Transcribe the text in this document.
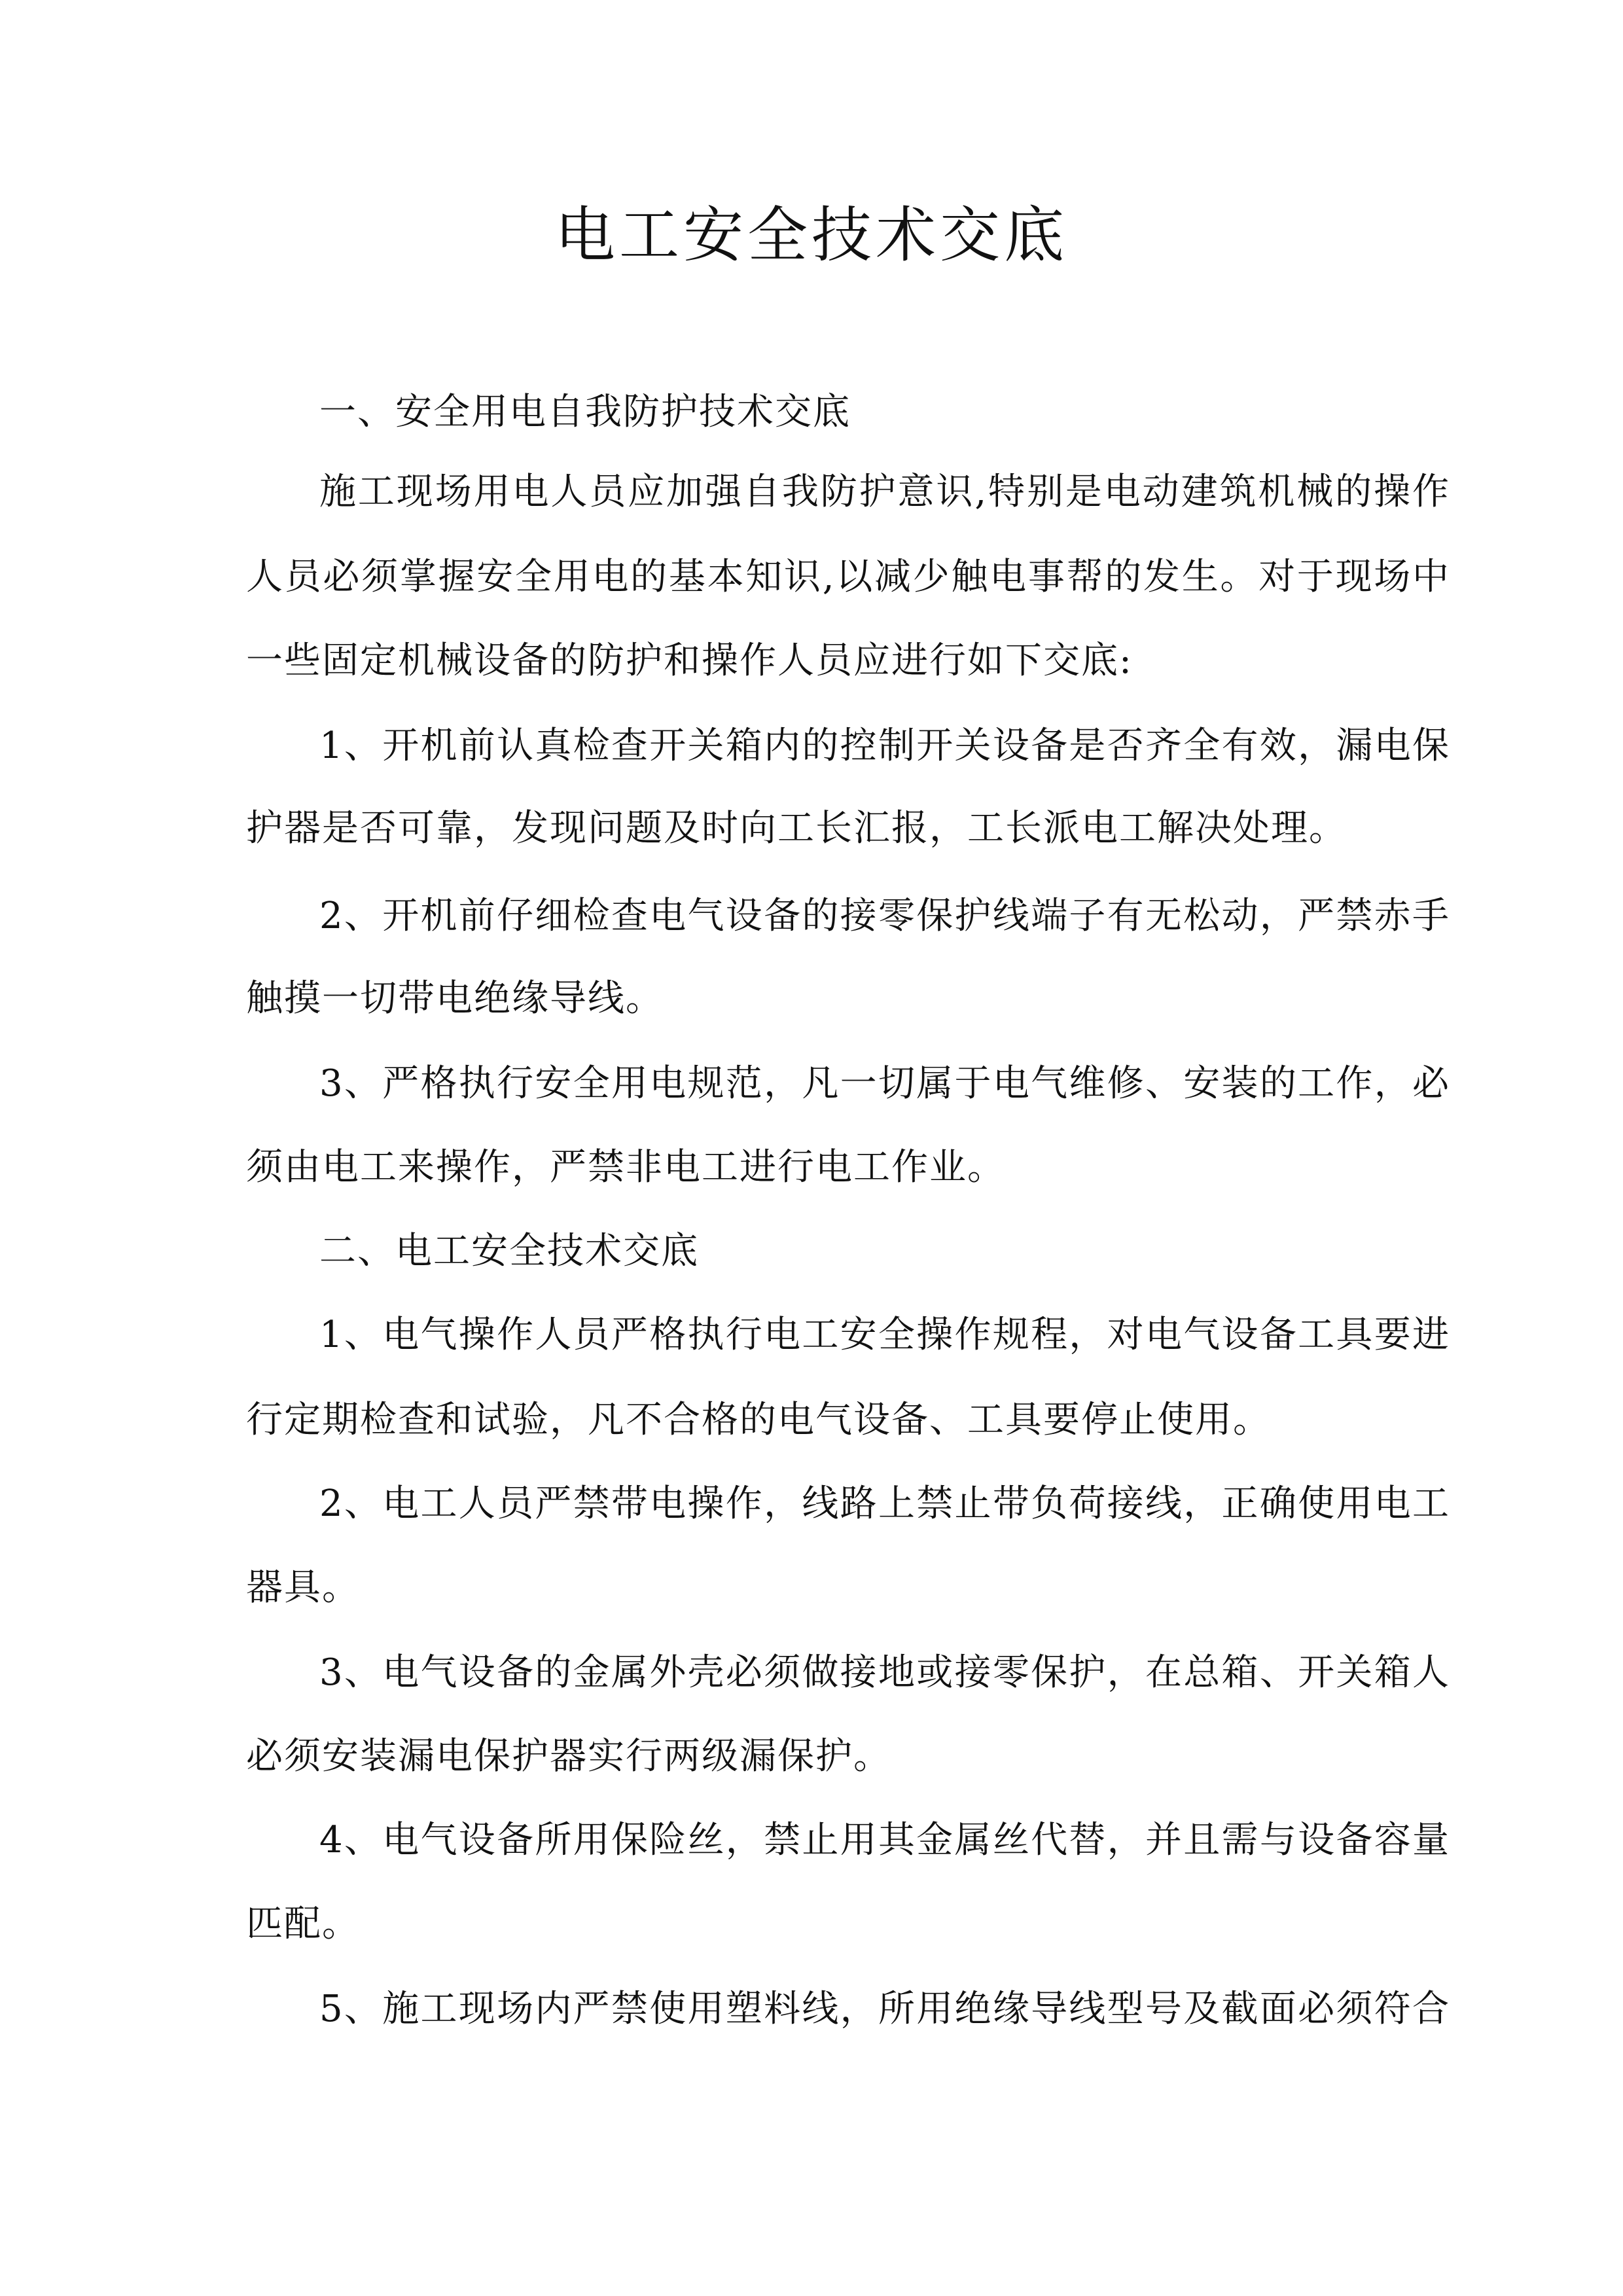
电工安全技术交底
一、安全用电自我防护技术交底
施工现场用电人员应加强自我防护意识,特别是电动建筑机械的操作
人员必须掌握安全用电的基本知识,以减少触电事帮的发生。对于现场中
一些固定机械设备的防护和操作人员应进行如下交底:
1、开机前认真检查开关箱内的控制开关设备是否齐全有效，漏电保
护器是否可靠，发现问题及时向工长汇报，工长派电工解决处理。
2、开机前仔细检查电气设备的接零保护线端子有无松动，严禁赤手
触摸一切带电绝缘导线。
3、严格执行安全用电规范，凡一切属于电气维修、安装的工作，必
须由电工来操作，严禁非电工进行电工作业。
二、电工安全技术交底
1、电气操作人员严格执行电工安全操作规程，对电气设备工具要进
行定期检查和试验，凡不合格的电气设备、工具要停止使用。
2、电工人员严禁带电操作，线路上禁止带负荷接线，正确使用电工
器具。
3、电气设备的金属外壳必须做接地或接零保护，在总箱、开关箱人
必须安装漏电保护器实行两级漏保护。
4、电气设备所用保险丝，禁止用其金属丝代替，并且需与设备容量
匹配。
5、施工现场内严禁使用塑料线，所用绝缘导线型号及截面必须符合
